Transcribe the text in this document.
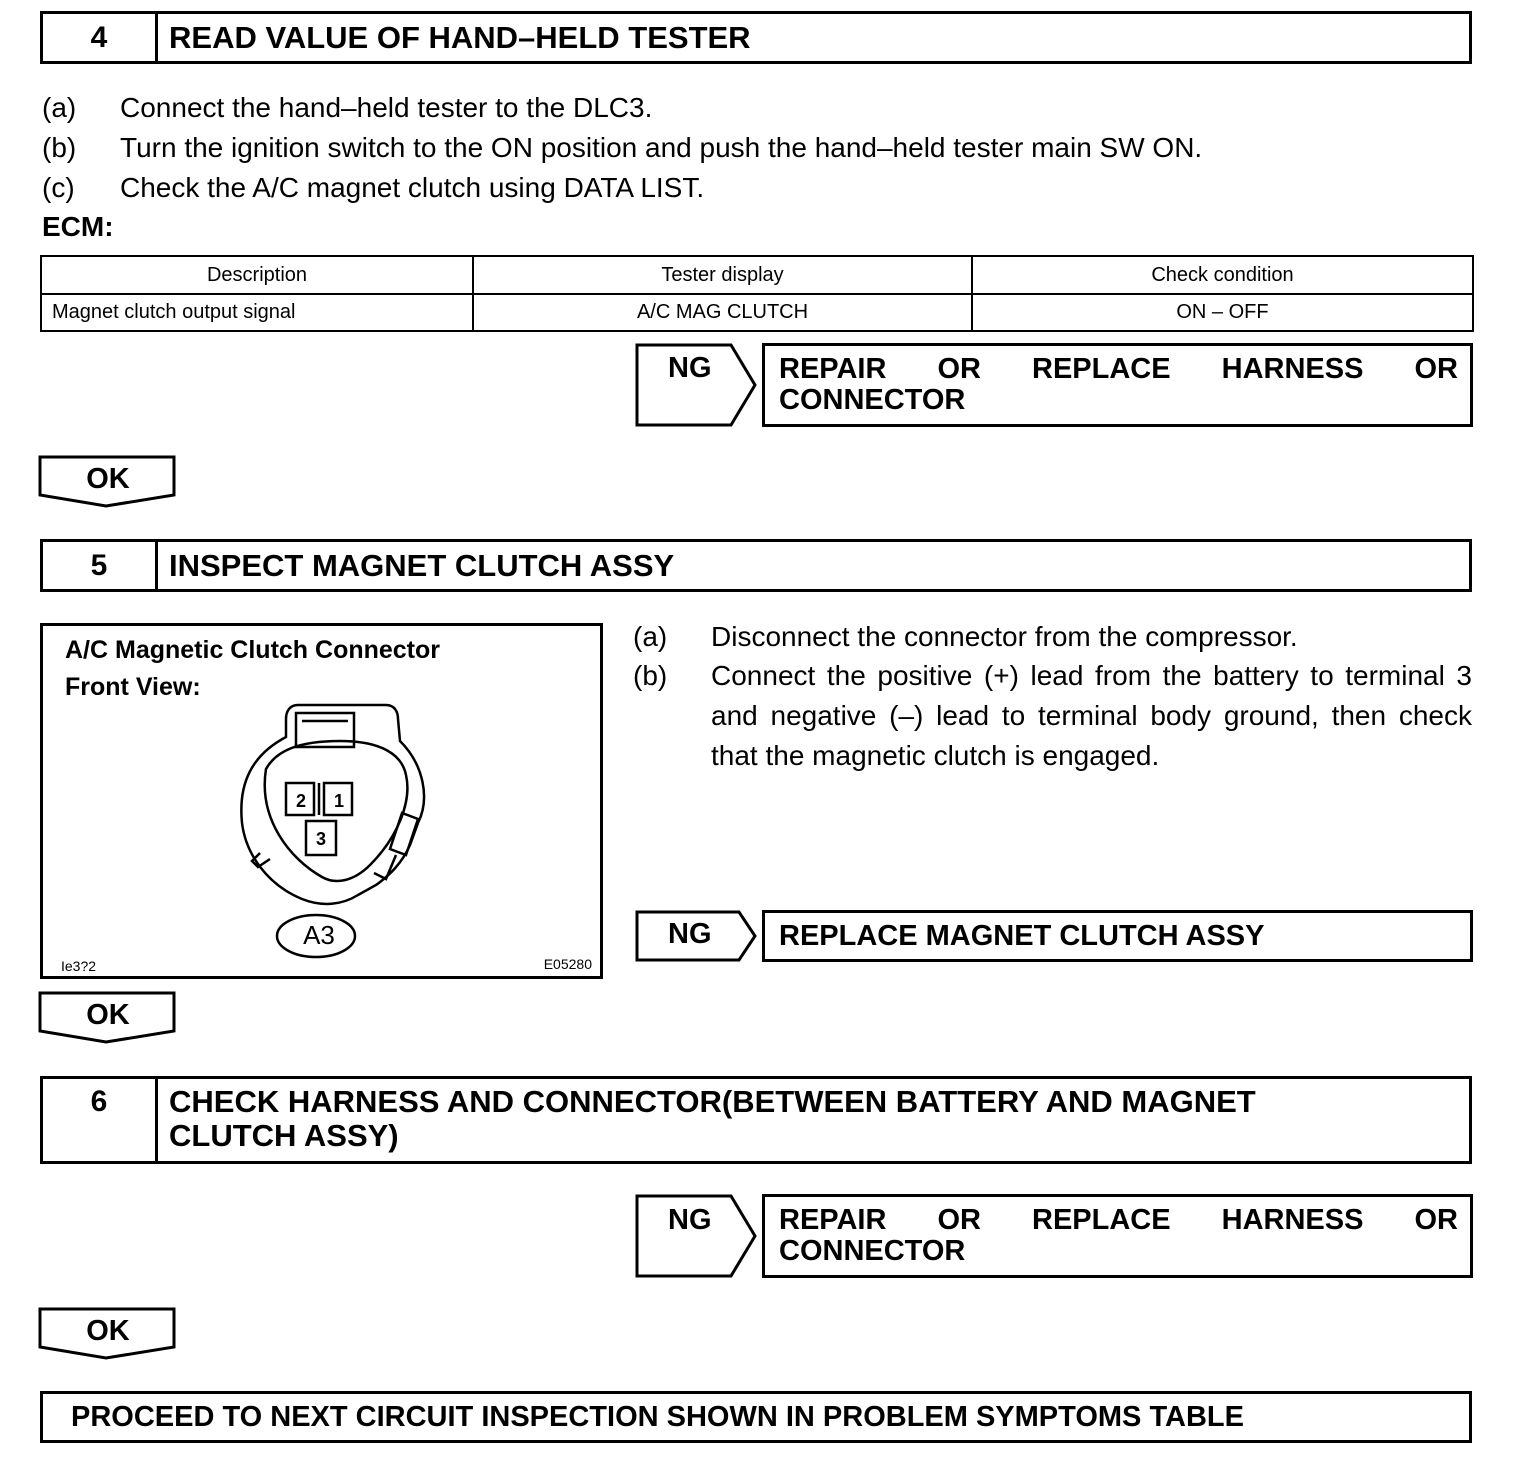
4	READ VALUE OF HAND–HELD TESTER
(a) Connect the hand–held tester to the DLC3.
(b) Turn the ignition switch to the ON position and push the hand–held tester main SW ON.
(c) Check the A/C magnet clutch using DATA LIST.
ECM:
Description	Tester display	Check condition
Magnet clutch output signal	A/C MAG CLUTCH	ON – OFF
NG REPAIR OR REPLACE HARNESS OR CONNECTOR
OK
5	INSPECT MAGNET CLUTCH ASSY
A/C Magnetic Clutch Connector
Front View:
2 1
3
A3
Ie3?2	E05280
(a) Disconnect the connector from the compressor.
(b) Connect the positive (+) lead from the battery to terminal 3 and negative (–) lead to terminal body ground, then check that the magnetic clutch is engaged.
NG REPLACE MAGNET CLUTCH ASSY
OK
6	CHECK HARNESS AND CONNECTOR(BETWEEN BATTERY AND MAGNET CLUTCH ASSY)
NG REPAIR OR REPLACE HARNESS OR CONNECTOR
OK
PROCEED TO NEXT CIRCUIT INSPECTION SHOWN IN PROBLEM SYMPTOMS TABLE
